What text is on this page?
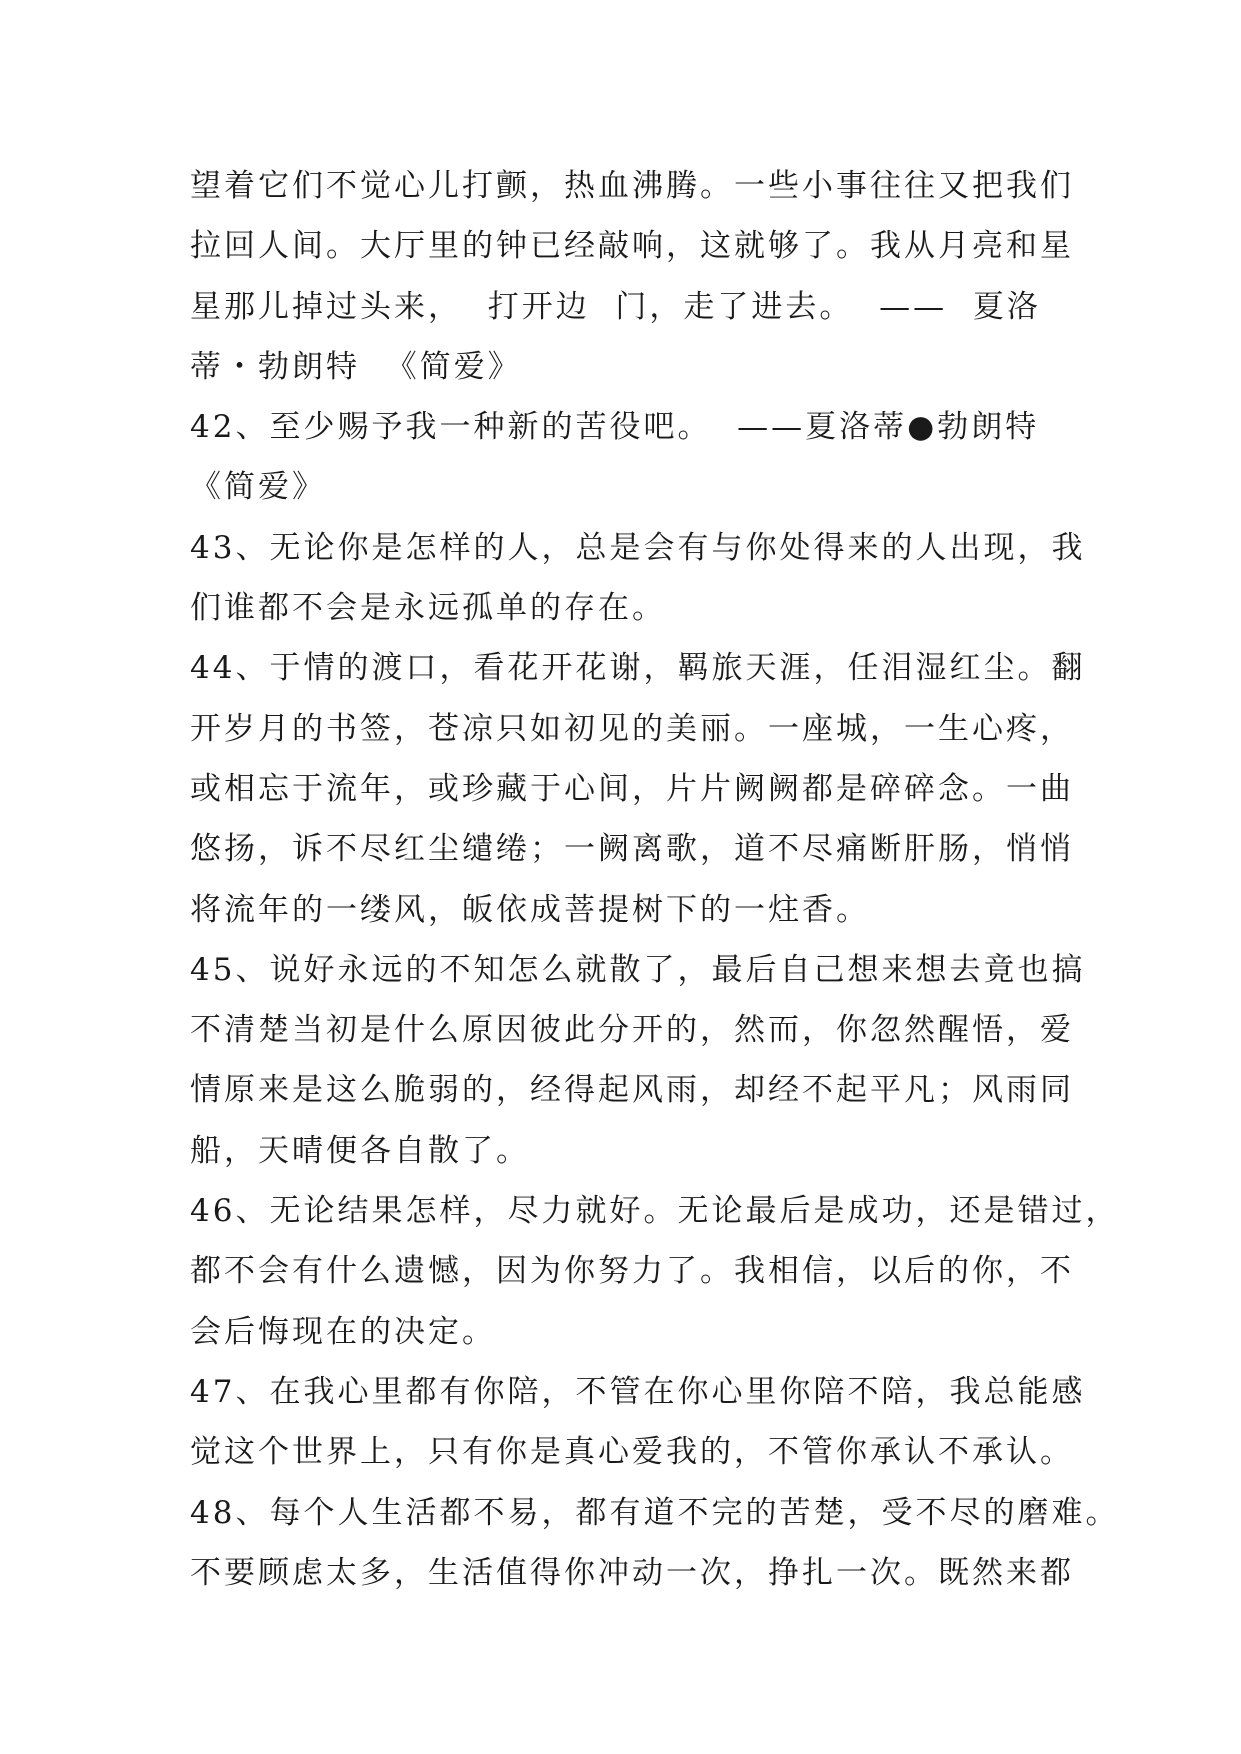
望着它们不觉心儿打颤，热血沸腾。一些小事往往又把我们
拉回人间。大厅里的钟已经敲响，这就够了。我从月亮和星
星那儿掉过头来，  打开边  门，走了进去。  ——  夏洛
蒂・勃朗特  《简爱》
42、至少赐予我一种新的苦役吧。  ——夏洛蒂●勃朗特
《简爱》
43、无论你是怎样的人，总是会有与你处得来的人出现，我
们谁都不会是永远孤单的存在。
44、于情的渡口，看花开花谢，羁旅天涯，任泪湿红尘。翻
开岁月的书签，苍凉只如初见的美丽。一座城，一生心疼，
或相忘于流年，或珍藏于心间，片片阙阙都是碎碎念。一曲
悠扬，诉不尽红尘缱绻；一阙离歌，道不尽痛断肝肠，悄悄
将流年的一缕风，皈依成菩提树下的一炷香。
45、说好永远的不知怎么就散了，最后自己想来想去竟也搞
不清楚当初是什么原因彼此分开的，然而，你忽然醒悟，爱
情原来是这么脆弱的，经得起风雨，却经不起平凡；风雨同
船，天晴便各自散了。
46、无论结果怎样，尽力就好。无论最后是成功，还是错过，
都不会有什么遗憾，因为你努力了。我相信，以后的你，不
会后悔现在的决定。
47、在我心里都有你陪，不管在你心里你陪不陪，我总能感
觉这个世界上，只有你是真心爱我的，不管你承认不承认。
48、每个人生活都不易，都有道不完的苦楚，受不尽的磨难。
不要顾虑太多，生活值得你冲动一次，挣扎一次。既然来都
